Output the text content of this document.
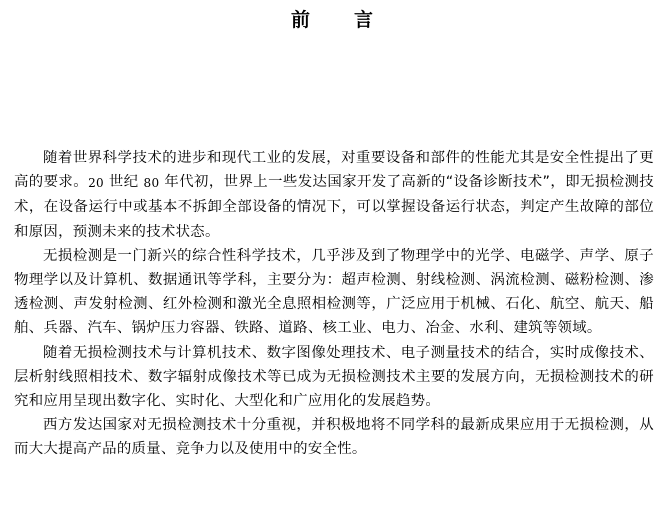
前 言

随着世界科学技术的进步和现代工业的发展，对重要设备和部件的性能尤其是安全性提出了更高的要求。20 世纪 80 年代初，世界上一些发达国家开发了高新的“设备诊断技术”，即无损检测技术，在设备运行中或基本不拆卸全部设备的情况下，可以掌握设备运行状态，判定产生故障的部位和原因，预测未来的技术状态。

无损检测是一门新兴的综合性科学技术，几乎涉及到了物理学中的光学、电磁学、声学、原子物理学以及计算机、数据通讯等学科，主要分为：超声检测、射线检测、涡流检测、磁粉检测、渗透检测、声发射检测、红外检测和激光全息照相检测等，广泛应用于机械、石化、航空、航天、船舶、兵器、汽车、锅炉压力容器、铁路、道路、核工业、电力、冶金、水利、建筑等领域。

随着无损检测技术与计算机技术、数字图像处理技术、电子测量技术的结合，实时成像技术、层析射线照相技术、数字辐射成像技术等已成为无损检测技术主要的发展方向，无损检测技术的研究和应用呈现出数字化、实时化、大型化和广应用化的发展趋势。

西方发达国家对无损检测技术十分重视，并积极地将不同学科的最新成果应用于无损检测，从而大大提高产品的质量、竞争力以及使用中的安全性。
